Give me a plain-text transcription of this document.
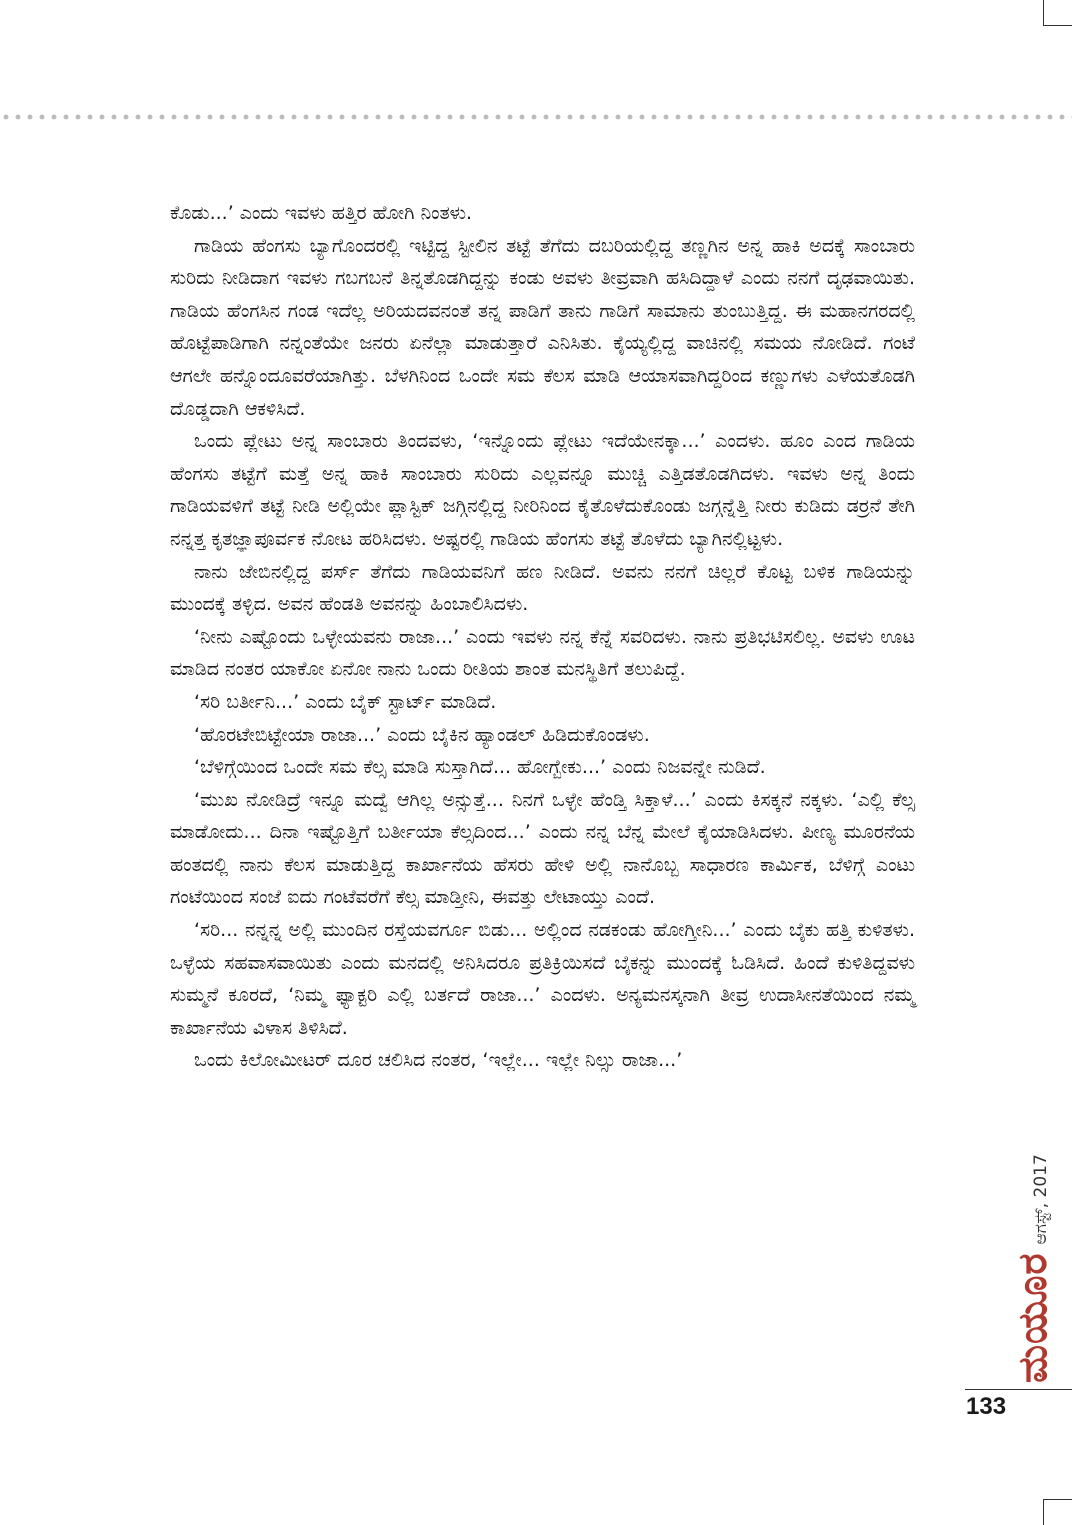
ಕೊಡು...’ ಎಂದು ಇವಳು ಹತ್ತಿರ ಹೋಗಿ ನಿಂತಳು.

ಗಾಡಿಯ ಹೆಂಗಸು ಬ್ಯಾಗೊಂದರಲ್ಲಿ ಇಟ್ಟಿದ್ದ ಸ್ಟೀಲಿನ ತಟ್ಟೆ ತೆಗೆದು ದಬರಿಯಲ್ಲಿದ್ದ ತಣ್ಣಗಿನ ಅನ್ನ ಹಾಕಿ ಅದಕ್ಕೆ ಸಾಂಬಾರು ಸುರಿದು ನೀಡಿದಾಗ ಇವಳು ಗಬಗಬನೆ ತಿನ್ನತೊಡಗಿದ್ದನ್ನು ಕಂಡು ಅವಳು ತೀವ್ರವಾಗಿ ಹಸಿದಿದ್ದಾಳೆ ಎಂದು ನನಗೆ ದೃಢವಾಯಿತು. ಗಾಡಿಯ ಹೆಂಗಸಿನ ಗಂಡ ಇದೆಲ್ಲ ಅರಿಯದವನಂತೆ ತನ್ನ ಪಾಡಿಗೆ ತಾನು ಗಾಡಿಗೆ ಸಾಮಾನು ತುಂಬುತ್ತಿದ್ದ. ಈ ಮಹಾನಗರದಲ್ಲಿ ಹೊಟ್ಟೆಪಾಡಿಗಾಗಿ ನನ್ನಂತೆಯೇ ಜನರು ಏನೆಲ್ಲಾ ಮಾಡುತ್ತಾರೆ ಎನಿಸಿತು. ಕೈಯ್ಯಲ್ಲಿದ್ದ ವಾಚಿನಲ್ಲಿ ಸಮಯ ನೋಡಿದೆ. ಗಂಟೆ ಆಗಲೇ ಹನ್ನೊಂದೂವರೆಯಾಗಿತ್ತು. ಬೆಳಗಿನಿಂದ ಒಂದೇ ಸಮ ಕೆಲಸ ಮಾಡಿ ಆಯಾಸವಾಗಿದ್ದರಿಂದ ಕಣ್ಣುಗಳು ಎಳೆಯತೊಡಗಿ ದೊಡ್ಡದಾಗಿ ಆಕಳಿಸಿದೆ.

ಒಂದು ಪ್ಲೇಟು ಅನ್ನ ಸಾಂಬಾರು ತಿಂದವಳು, ‘ಇನ್ನೊಂದು ಪ್ಲೇಟು ಇದೆಯೇನಕ್ಕಾ...’ ಎಂದಳು. ಹೂಂ ಎಂದ ಗಾಡಿಯ ಹೆಂಗಸು ತಟ್ಟೆಗೆ ಮತ್ತೆ ಅನ್ನ ಹಾಕಿ ಸಾಂಬಾರು ಸುರಿದು ಎಲ್ಲವನ್ನೂ ಮುಚ್ಚಿ ಎತ್ತಿಡತೊಡಗಿದಳು. ಇವಳು ಅನ್ನ ತಿಂದು ಗಾಡಿಯವಳಿಗೆ ತಟ್ಟೆ ನೀಡಿ ಅಲ್ಲಿಯೇ ಪ್ಲಾಸ್ಟಿಕ್ ಜಗ್ಗಿನಲ್ಲಿದ್ದ ನೀರಿನಿಂದ ಕೈತೊಳೆದುಕೊಂಡು ಜಗ್ಗನ್ನೆತ್ತಿ ನೀರು ಕುಡಿದು ಡರ್ರನೆ ತೇಗಿ ನನ್ನತ್ತ ಕೃತಜ್ಞಾಪೂರ್ವಕ ನೋಟ ಹರಿಸಿದಳು. ಅಷ್ಟರಲ್ಲಿ ಗಾಡಿಯ ಹೆಂಗಸು ತಟ್ಟೆ ತೊಳೆದು ಬ್ಯಾಗಿನಲ್ಲಿಟ್ಟಳು.

ನಾನು ಜೇಬಿನಲ್ಲಿದ್ದ ಪರ್ಸ್ ತೆಗೆದು ಗಾಡಿಯವನಿಗೆ ಹಣ ನೀಡಿದೆ. ಅವನು ನನಗೆ ಚಿಲ್ಲರೆ ಕೊಟ್ಟ ಬಳಿಕ ಗಾಡಿಯನ್ನು ಮುಂದಕ್ಕೆ ತಳ್ಳಿದ. ಅವನ ಹೆಂಡತಿ ಅವನನ್ನು ಹಿಂಬಾಲಿಸಿದಳು.

‘ನೀನು ಎಷ್ಟೊಂದು ಒಳ್ಳೇಯವನು ರಾಜಾ...’ ಎಂದು ಇವಳು ನನ್ನ ಕೆನ್ನೆ ಸವರಿದಳು. ನಾನು ಪ್ರತಿಭಟಿಸಲಿಲ್ಲ. ಅವಳು ಊಟ ಮಾಡಿದ ನಂತರ ಯಾಕೋ ಏನೋ ನಾನು ಒಂದು ರೀತಿಯ ಶಾಂತ ಮನಸ್ಥಿತಿಗೆ ತಲುಪಿದ್ದೆ.

‘ಸರಿ ಬರ್ತೀನಿ...’ ಎಂದು ಬೈಕ್ ಸ್ಟಾರ್ಟ್ ಮಾಡಿದೆ.

‘ಹೊರಟೇಬಿಟ್ಟೇಯಾ ರಾಜಾ...’ ಎಂದು ಬೈಕಿನ ಹ್ಯಾಂಡಲ್ ಹಿಡಿದುಕೊಂಡಳು.

‘ಬೆಳಿಗ್ಗೆಯಿಂದ ಒಂದೇ ಸಮ ಕೆಲ್ಸ ಮಾಡಿ ಸುಸ್ತಾಗಿದೆ... ಹೋಗ್ಬೇಕು...’ ಎಂದು ನಿಜವನ್ನೇ ನುಡಿದೆ.

‘ಮುಖ ನೋಡಿದ್ರೆ ಇನ್ನೂ ಮದ್ವೆ ಆಗಿಲ್ಲ ಅನ್ಸುತ್ತೆ... ನಿನಗೆ ಒಳ್ಳೇ ಹೆಂಡ್ತಿ ಸಿಕ್ತಾಳೆ...’ ಎಂದು ಕಿಸಕ್ಕನೆ ನಕ್ಕಳು. ‘ಎಲ್ಲಿ ಕೆಲ್ಸ ಮಾಡೋದು... ದಿನಾ ಇಷ್ಟೊತ್ತಿಗೆ ಬರ್ತೀಯಾ ಕೆಲ್ಸದಿಂದ...’ ಎಂದು ನನ್ನ ಬೆನ್ನ ಮೇಲೆ ಕೈಯಾಡಿಸಿದಳು. ಪೀಣ್ಯ ಮೂರನೆಯ ಹಂತದಲ್ಲಿ ನಾನು ಕೆಲಸ ಮಾಡುತ್ತಿದ್ದ ಕಾರ್ಖಾನೆಯ ಹೆಸರು ಹೇಳಿ ಅಲ್ಲಿ ನಾನೊಬ್ಬ ಸಾಧಾರಣ ಕಾರ್ಮಿಕ, ಬೆಳಿಗ್ಗೆ ಎಂಟು ಗಂಟೆಯಿಂದ ಸಂಜೆ ಐದು ಗಂಟೆವರೆಗೆ ಕೆಲ್ಸ ಮಾಡ್ತೀನಿ, ಈವತ್ತು ಲೇಟಾಯ್ತು ಎಂದೆ.

‘ಸರಿ... ನನ್ನನ್ನ ಅಲ್ಲಿ ಮುಂದಿನ ರಸ್ತೆಯವರ್ಗೂ ಬಿಡು... ಅಲ್ಲಿಂದ ನಡಕಂಡು ಹೋಗ್ತೀನಿ...’ ಎಂದು ಬೈಕು ಹತ್ತಿ ಕುಳಿತಳು. ಒಳ್ಳೆಯ ಸಹವಾಸವಾಯಿತು ಎಂದು ಮನದಲ್ಲಿ ಅನಿಸಿದರೂ ಪ್ರತಿಕ್ರಿಯಿಸದೆ ಬೈಕನ್ನು ಮುಂದಕ್ಕೆ ಓಡಿಸಿದೆ. ಹಿಂದೆ ಕುಳಿತಿದ್ದವಳು ಸುಮ್ಮನೆ ಕೂರದೆ, ‘ನಿಮ್ಮ ಫ್ಯಾಕ್ಟರಿ ಎಲ್ಲಿ ಬರ್ತದೆ ರಾಜಾ...’ ಎಂದಳು. ಅನ್ಯಮನಸ್ಕನಾಗಿ ತೀವ್ರ ಉದಾಸೀನತೆಯಿಂದ ನಮ್ಮ ಕಾರ್ಖಾನೆಯ ವಿಳಾಸ ತಿಳಿಸಿದೆ.

ಒಂದು ಕಿಲೋಮೀಟರ್ ದೂರ ಚಲಿಸಿದ ನಂತರ, ‘ಇಲ್ಲೇ... ಇಲ್ಲೇ ನಿಲ್ಸು ರಾಜಾ...’

ಮಯೂರ
ಆಗಸ್ಟ್, 2017
133
